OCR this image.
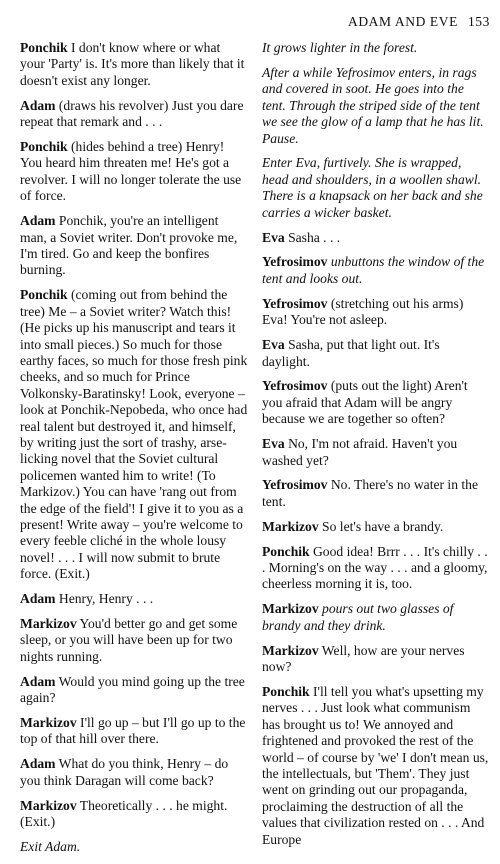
ADAM AND EVE 153

Ponchik I don't know where or what your 'Party' is. It's more than likely that it doesn't exist any longer.

Adam (draws his revolver) Just you dare repeat that remark and . . .

Ponchik (hides behind a tree) Henry! You heard him threaten me! He's got a revolver. I will no longer tolerate the use of force.

Adam Ponchik, you're an intelligent man, a Soviet writer. Don't provoke me, I'm tired. Go and keep the bonfires burning.

Ponchik (coming out from behind the tree) Me – a Soviet writer? Watch this! (He picks up his manuscript and tears it into small pieces.) So much for those earthy faces, so much for those fresh pink cheeks, and so much for Prince Volkonsky-Baratinsky! Look, everyone – look at Ponchik-Nepobeda, who once had real talent but destroyed it, and himself, by writing just the sort of trashy, arse-licking novel that the Soviet cultural policemen wanted him to write! (To Markizov.) You can have 'rang out from the edge of the field'! I give it to you as a present! Write away – you're welcome to every feeble cliché in the whole lousy novel! . . . I will now submit to brute force. (Exit.)

Adam Henry, Henry . . .

Markizov You'd better go and get some sleep, or you will have been up for two nights running.

Adam Would you mind going up the tree again?

Markizov I'll go up – but I'll go up to the top of that hill over there.

Adam What do you think, Henry – do you think Daragan will come back?

Markizov Theoretically . . . he might. (Exit.)

Exit Adam.

It grows lighter in the forest.

After a while Yefrosimov enters, in rags and covered in soot. He goes into the tent. Through the striped side of the tent we see the glow of a lamp that he has lit. Pause.

Enter Eva, furtively. She is wrapped, head and shoulders, in a woollen shawl. There is a knapsack on her back and she carries a wicker basket.

Eva Sasha . . .

Yefrosimov unbuttons the window of the tent and looks out.

Yefrosimov (stretching out his arms) Eva! You're not asleep.

Eva Sasha, put that light out. It's daylight.

Yefrosimov (puts out the light) Aren't you afraid that Adam will be angry because we are together so often?

Eva No, I'm not afraid. Haven't you washed yet?

Yefrosimov No. There's no water in the tent.

Markizov So let's have a brandy.

Ponchik Good idea! Brrr . . . It's chilly . . . Morning's on the way . . . and a gloomy, cheerless morning it is, too.

Markizov pours out two glasses of brandy and they drink.

Markizov Well, how are your nerves now?

Ponchik I'll tell you what's upsetting my nerves . . . Just look what communism has brought us to! We annoyed and frightened and provoked the rest of the world – of course by 'we' I don't mean us, the intellectuals, but 'Them'. They just went on grinding out our propaganda, proclaiming the destruction of all the values that civilization rested on . . . And Europe
